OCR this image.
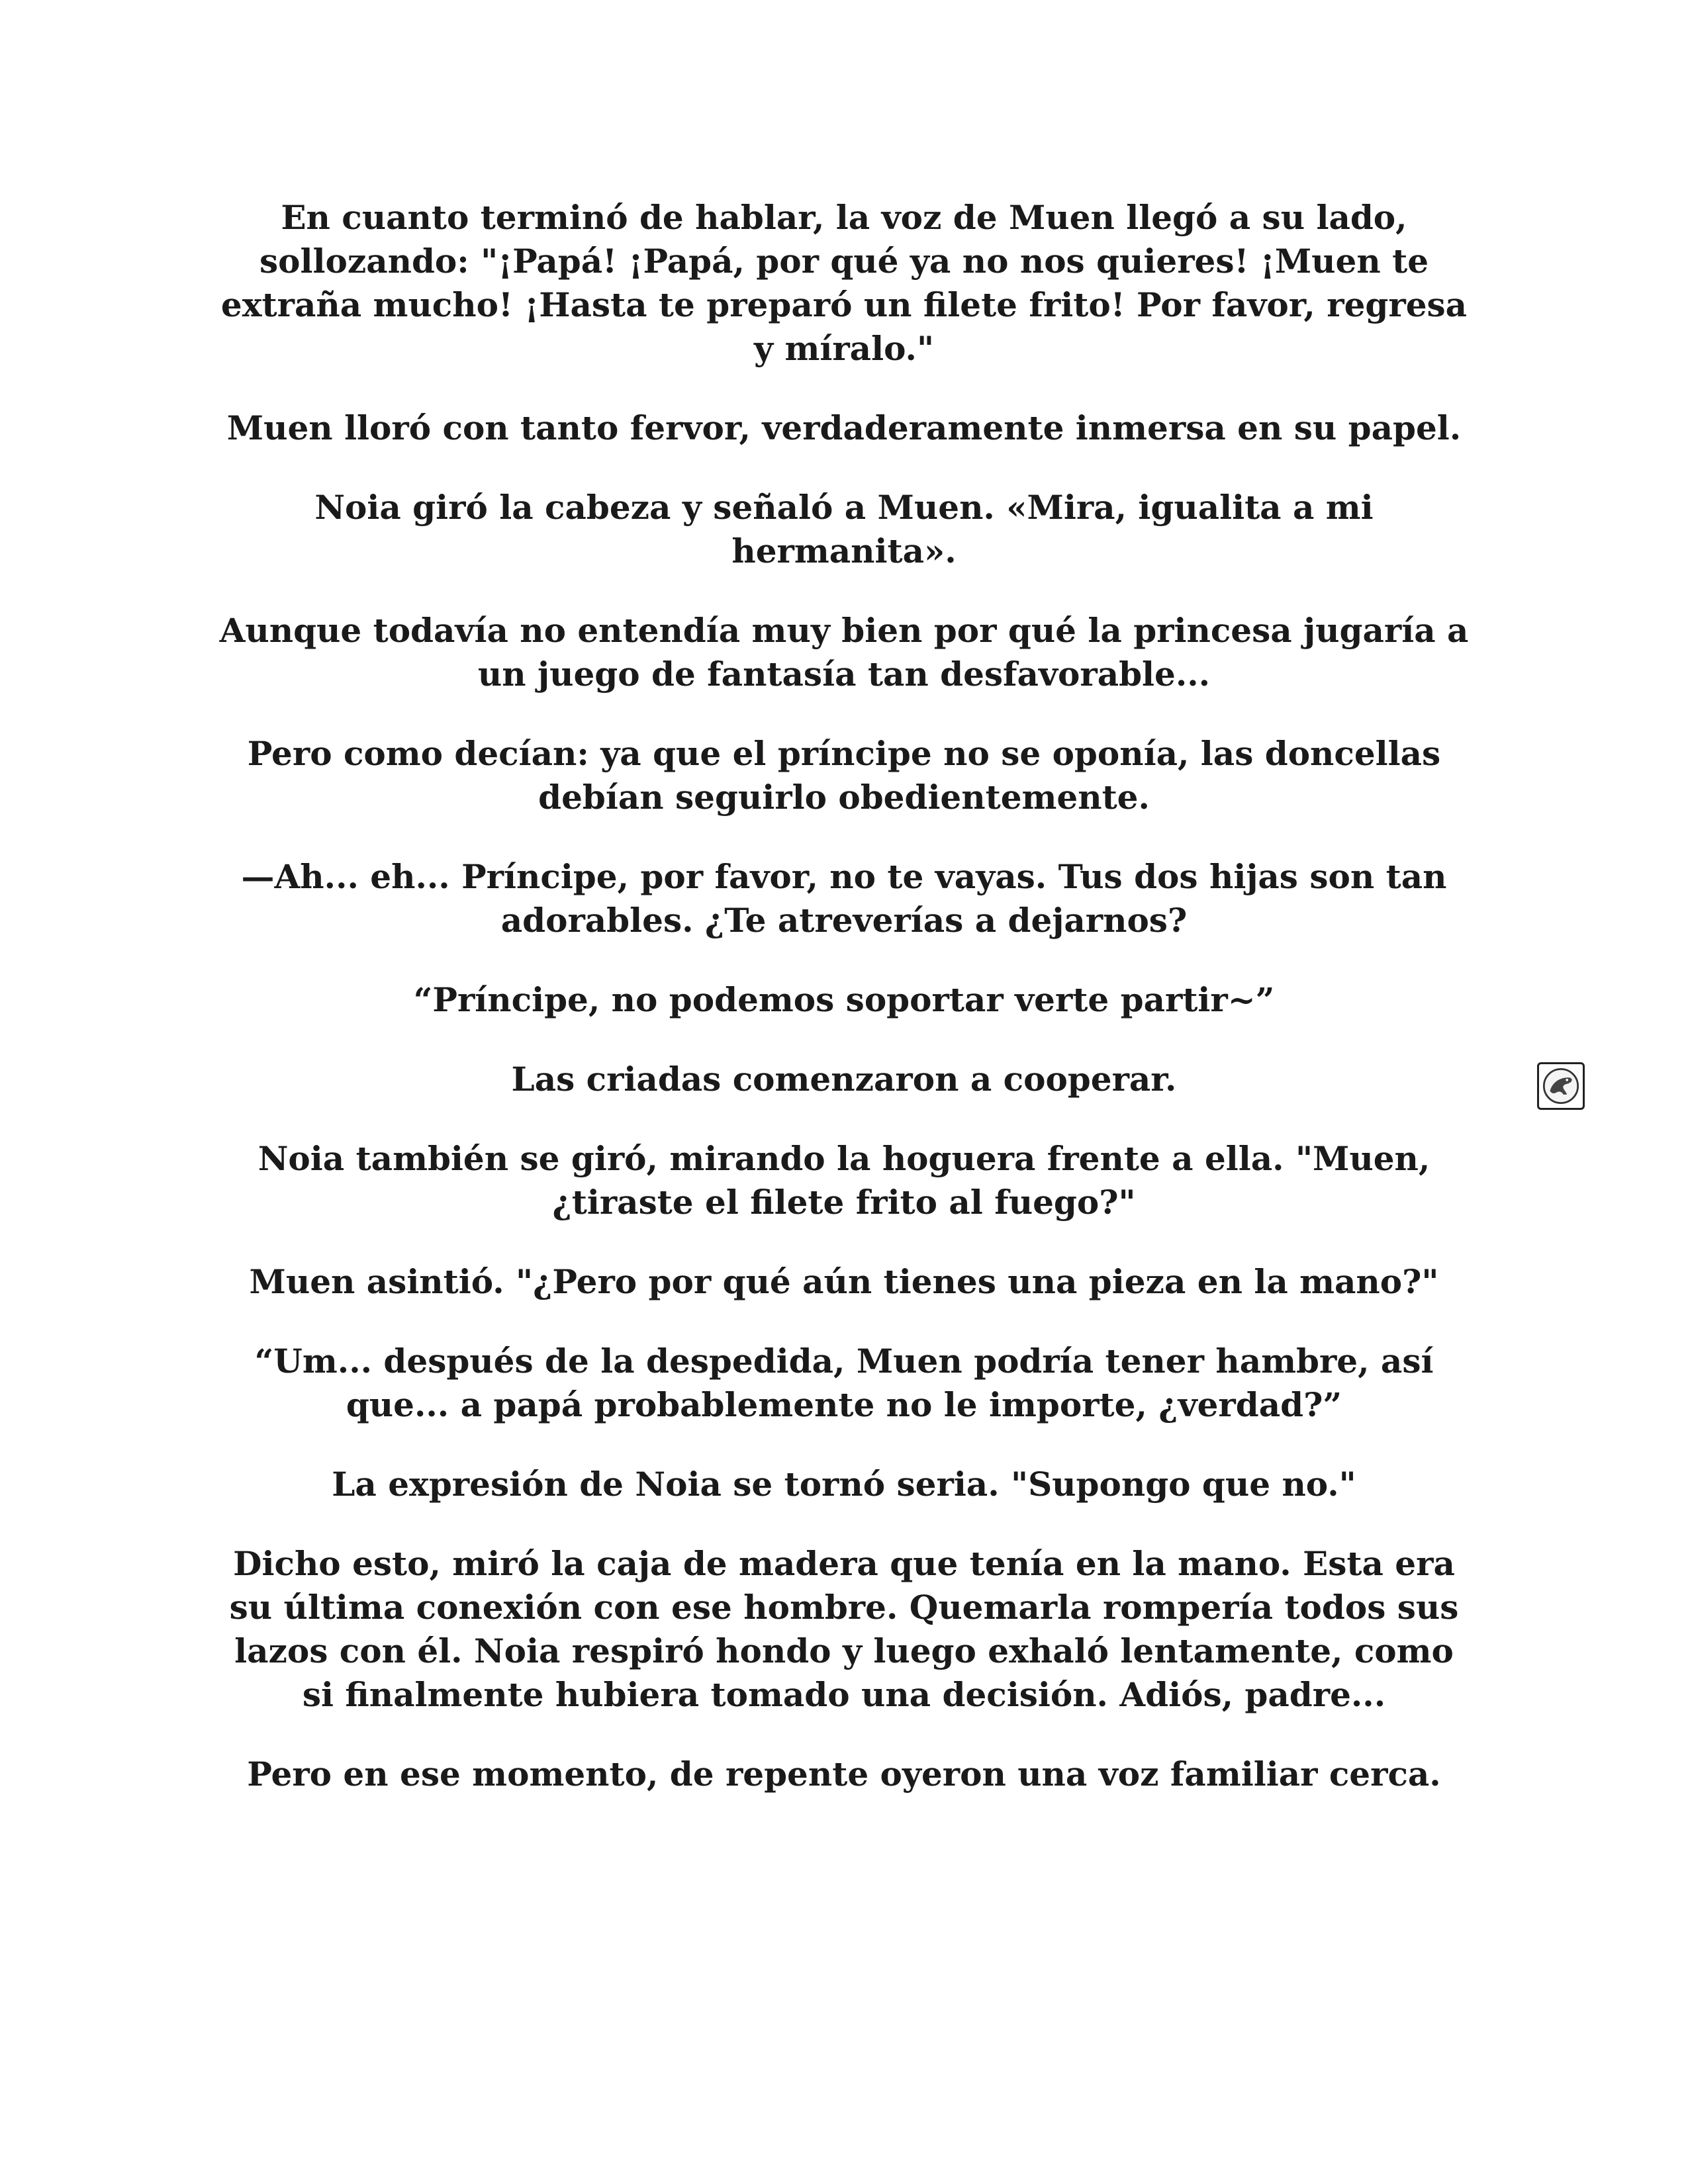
En cuanto terminó de hablar, la voz de Muen llegó a su lado, sollozando: "¡Papá! ¡Papá, por qué ya no nos quieres! ¡Muen te extraña mucho! ¡Hasta te preparó un filete frito! Por favor, regresa y míralo."

Muen lloró con tanto fervor, verdaderamente inmersa en su papel.

Noia giró la cabeza y señaló a Muen. «Mira, igualita a mi hermanita».

Aunque todavía no entendía muy bien por qué la princesa jugaría a un juego de fantasía tan desfavorable...

Pero como decían: ya que el príncipe no se oponía, las doncellas debían seguirlo obedientemente.

—Ah... eh... Príncipe, por favor, no te vayas. Tus dos hijas son tan adorables. ¿Te atreverías a dejarnos?

“Príncipe, no podemos soportar verte partir~”

Las criadas comenzaron a cooperar.

Noia también se giró, mirando la hoguera frente a ella. "Muen, ¿tiraste el filete frito al fuego?"

Muen asintió. "¿Pero por qué aún tienes una pieza en la mano?"

“Um... después de la despedida, Muen podría tener hambre, así que... a papá probablemente no le importe, ¿verdad?”

La expresión de Noia se tornó seria. "Supongo que no."

Dicho esto, miró la caja de madera que tenía en la mano. Esta era su última conexión con ese hombre. Quemarla rompería todos sus lazos con él. Noia respiró hondo y luego exhaló lentamente, como si finalmente hubiera tomado una decisión. Adiós, padre...

Pero en ese momento, de repente oyeron una voz familiar cerca.
